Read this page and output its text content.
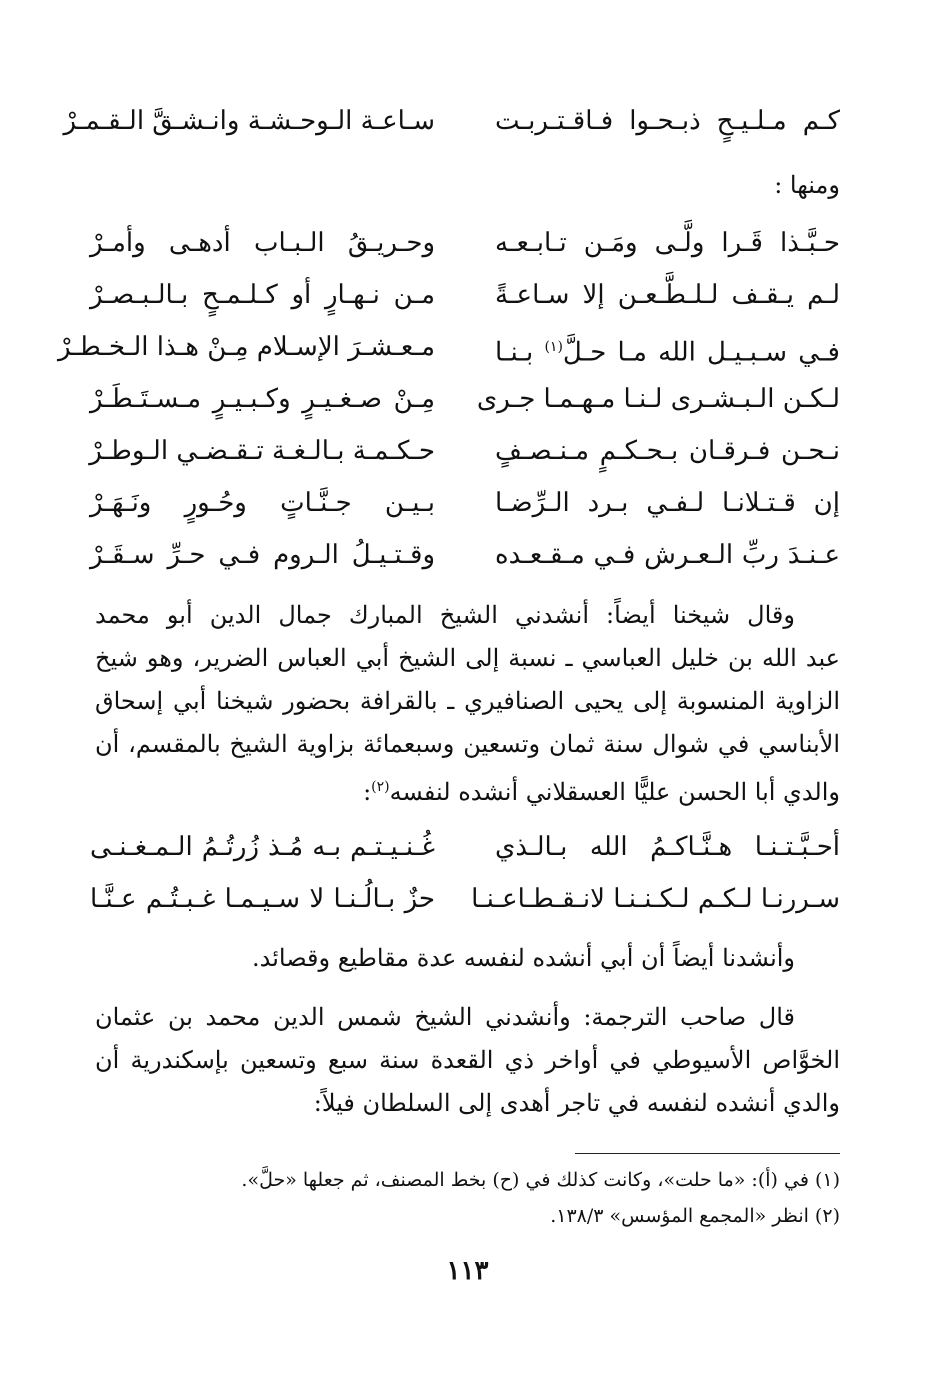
كـم مـلـيـحٍ ذبـحـوا فـاقـتـربـت
سـاعـة الـوحـشـة وانـشـقَّ الـقـمـرْ
ومنها :
حـبَّـذا قَـرا ولَّـى ومَـن تـابـعـه
وحـريـقُ الـبـاب أدهـى وأمـرْ
لـم يـقـف لـلـطَّـعـن إلا سـاعـةً
مـن نـهـارٍ أو كـلـمـحٍ بـالـبـصـرْ
فـي سـبـيـل الله مـا حـلَّ$^{(١)}$ بـنـا
مـعـشـرَ الإسـلام مِـنْ هـذا الـخـطـرْ
لـكـن الـبـشـرى لـنـا مـهـمـا جـرى
مِـنْ صـغـيـرٍ وكـبـيـرٍ مـسـتَـطَـرْ
نـحـن فـرقـان بـحـكـمٍ مـنـصـفٍ
حـكـمـة بـالـغـة تـقـضـي الـوطـرْ
إن قـتـلانـا لـفـي بـرد الـرِّضـا
بـيـن جـنَّـاتٍ وحُـورٍ ونَـهَـرْ
عـنـدَ ربِّ الـعـرش فـي مـقـعـده
وقـتـيـلُ الـروم فـي حـرِّ سـقَـرْ
وقال شيخنا أيضاً: أنشدني الشيخ المبارك جمال الدين أبو محمد
عبد الله بن خليل العباسي ـ نسبة إلى الشيخ أبي العباس الضرير، وهو شيخ
الزاوية المنسوبة إلى يحيى الصنافيري ـ بالقرافة بحضور شيخنا أبي إسحاق
الأبناسي في شوال سنة ثمان وتسعين وسبعمائة بزاوية الشيخ بالمقسم، أن
والدي أبا الحسن عليًّا العسقلاني أنشده لنفسه$^{(٢)}$:
أحـبَّـتـنـا هـنَّـاكـمُ الله بـالـذي
غُـنـيـتـم بـه مُـذ زُرتُـمُ الـمـغـنـى
سـررنـا لـكـم لـكـنـنـا لانـقـطـاعـنـا
حزٌ بـالُـنـا لا سـيـمـا غـبـتُـم عـنَّـا
وأنشدنا أيضاً أن أبي أنشده لنفسه عدة مقاطيع وقصائد.
قال صاحب الترجمة: وأنشدني الشيخ شمس الدين محمد بن عثمان
الخوَّاص الأسيوطي في أواخر ذي القعدة سنة سبع وتسعين بإسكندرية أن
والدي أنشده لنفسه في تاجر أهدى إلى السلطان فيلاً:
(١) في (أ): «ما حلت»، وكانت كذلك في (ح) بخط المصنف، ثم جعلها «حلَّ».
(٢) انظر «المجمع المؤسس» ١٣٨/٣.
١١٣
